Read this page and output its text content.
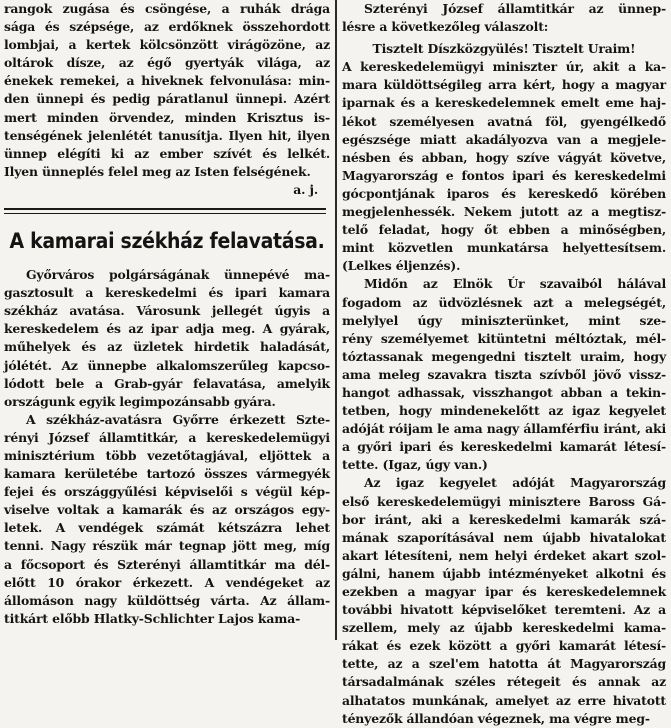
rangok zugása és csöngése, a ruhák drága
sága és szépsége, az erdőknek összehordott
lombjai, a kertek kölcsönzött virágözöne, az
oltárok dísze, az égő gyertyák világa, az
énekek remekei, a hiveknek felvonulása: min-
den ünnepi és pedig páratlanul ünnepi. Azért
mert minden örvendez, minden Krisztus is-
tenségének jelenlétét tanusítja. Ilyen hit, ilyen
ünnep elégíti ki az ember szívét és lelkét.
Ilyen ünneplés felel meg az Isten felségének.
a. j.
A kamarai székház felavatása.
Győrváros polgárságának ünnepévé ma-
gasztosult a kereskedelmi és ipari kamara
székház avatása. Városunk jellegét úgyis a
kereskedelem és az ipar adja meg. A gyárak,
műhelyek és az üzletek hirdetik haladását,
jólétét. Az ünnepbe alkalomszerűleg kapcso-
lódott bele a Grab-gyár felavatása, amelyik
országunk egyik legimpozánsabb gyára.
A székház-avatásra Győrre érkezett Szte-
rényi József államtitkár, a kereskedelemügyi
minisztérium több vezetőtagjával, eljöttek a
kamara kerületébe tartozó összes vármegyék
fejei és országgyűlési képviselői s végül kép-
viselve voltak a kamarák és az országos egy-
letek. A vendégek számát kétszázra lehet
tenni. Nagy részük már tegnap jött meg, míg
a főcsoport és Szterényi államtitkár ma dél-
előtt 10 órakor érkezett. A vendégeket az
állomáson nagy küldöttség várta. Az állam-
titkárt előbb Hlatky-Schlichter Lajos kama-
Szterényi József államtitkár az ünnep-
lésre a következőleg válaszolt:
Tisztelt Díszközgyülés! Tisztelt Uraim!
A kereskedelemügyi miniszter úr, akit a ka-
mara küldöttségileg arra kért, hogy a magyar
iparnak és a kereskedelemnek emelt eme haj-
lékot személyesen avatná föl, gyengélkedő
egészsége miatt akadályozva van a megjele-
nésben és abban, hogy szíve vágyát követve,
Magyarország e fontos ipari és kereskedelmi
gócpontjának iparos és kereskedő körében
megjelenhessék. Nekem jutott az a megtisz-
telő feladat, hogy őt ebben a minőségben,
mint közvetlen munkatársa helyettesítsem.
(Lelkes éljenzés).
Midőn az Elnök Úr szavaiból hálával
fogadom az üdvözlésnek azt a melegségét,
melylyel úgy miniszterünket, mint sze-
rény személyemet kitüntetni méltóztak, mél-
tóztassanak megengedni tisztelt uraim, hogy
ama meleg szavakra tiszta szívből jövő vissz-
hangot adhassak, visszhangot abban a tekin-
tetben, hogy mindenekelőtt az igaz kegyelet
adóját róijam le ama nagy államférfiu iránt, aki
a győri ipari és kereskedelmi kamarát létesí-
tette. (Igaz, úgy van.)
Az igaz kegyelet adóját Magyarország
első kereskedelemügyi minisztere Baross Gá-
bor iránt, aki a kereskedelmi kamarák szá-
mának szaporításával nem újabb hivatalokat
akart létesíteni, nem helyi érdeket akart szol-
gálni, hanem újabb intézményeket alkotni és
ezekben a magyar ipar és kereskedelemnek
további hivatott képviselőket teremteni. Az a
szellem, mely az újabb kereskedelmi kama-
rákat és ezek között a győri kamarát létesí-
tette, az a szel'em hatotta át Magyarország
társadalmának széles rétegeit és annak az
alhatatos munkának, amelyet az erre hivatott
tényezők állandóan végeznek, ma végre meg-
